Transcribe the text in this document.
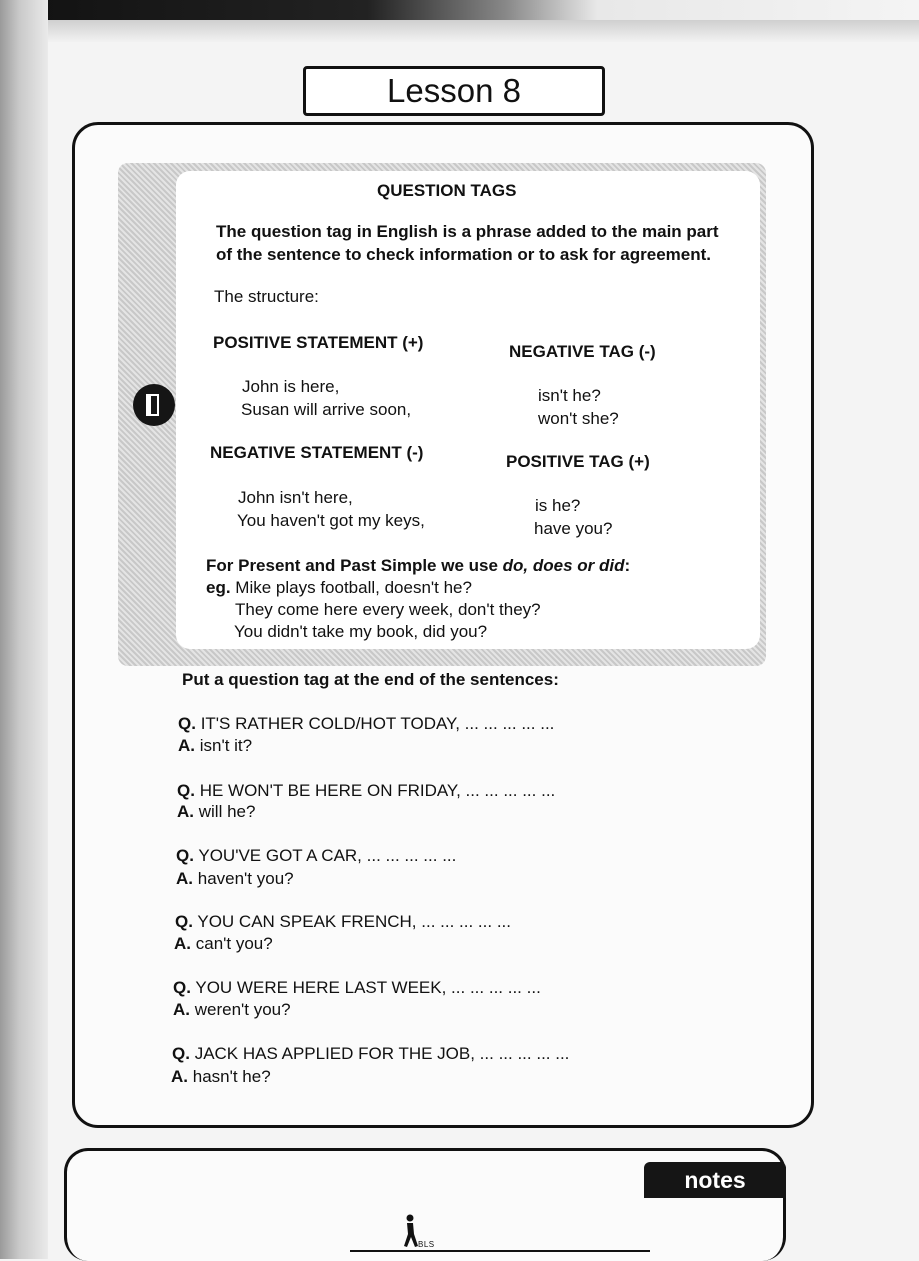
Lesson 8
QUESTION TAGS
The question tag in English is a phrase added to the main part
of the sentence to check information or to ask for agreement.
The structure:
POSITIVE STATEMENT (+)	NEGATIVE TAG (-)
John is here,
Susan will arrive soon,
isn't he?
won't she?
NEGATIVE STATEMENT (-)	POSITIVE TAG (+)
John isn't here,
You haven't got my keys,
is he?
have you?
For Present and Past Simple we use do, does or did:
eg. Mike plays football, doesn't he?
They come here every week, don't they?
You didn't take my book, did you?
Put a question tag at the end of the sentences:
Q. IT'S RATHER COLD/HOT TODAY, ... ... ... ... ...
A. isn't it?
Q. HE WON'T BE HERE ON FRIDAY, ... ... ... ... ...
A. will he?
Q. YOU'VE GOT A CAR, ... ... ... ... ...
A. haven't you?
Q. YOU CAN SPEAK FRENCH, ... ... ... ... ...
A. can't you?
Q. YOU WERE HERE LAST WEEK, ... ... ... ... ...
A. weren't you?
Q. JACK HAS APPLIED FOR THE JOB, ... ... ... ... ...
A. hasn't he?
notes
BLS
